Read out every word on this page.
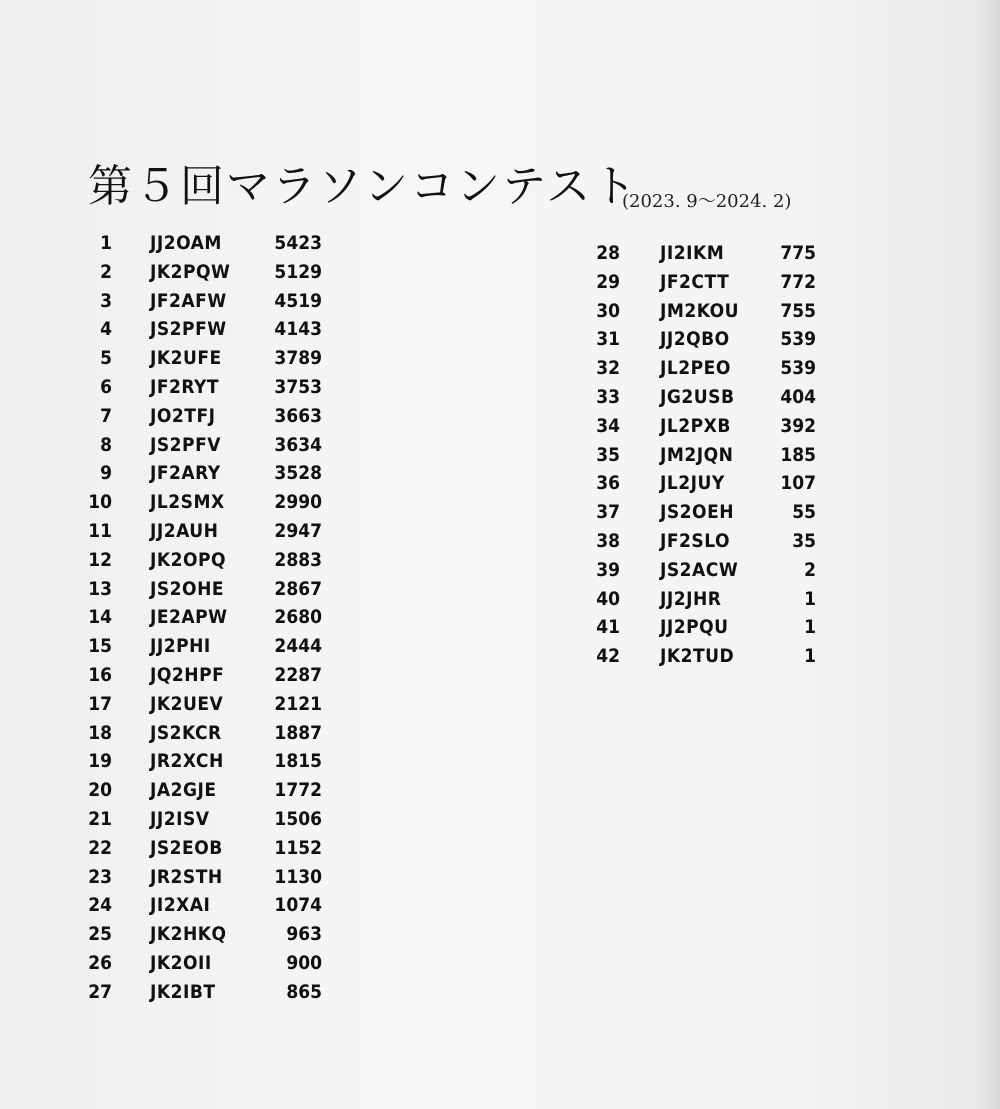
第５回マラソンコンテスト
(2023. 9～2024. 2)
1 JJ2OAM	5423
2 JK2PQW	5129
3 JF2AFW	4519
4 JS2PFW	4143
5 JK2UFE	3789
6 JF2RYT	3753
7 JO2TFJ	3663
8 JS2PFV	3634
9 JF2ARY	3528
10 JL2SMX	2990
11 JJ2AUH	2947
12 JK2OPQ	2883
13 JS2OHE	2867
14 JE2APW	2680
15 JJ2PHI	2444
16 JQ2HPF	2287
17 JK2UEV	2121
18 JS2KCR	1887
19 JR2XCH	1815
20 JA2GJE	1772
21 JJ2ISV	1506
22 JS2EOB	1152
23 JR2STH	1130
24 JI2XAI	1074
25 JK2HKQ	963
26 JK2OII	900
27 JK2IBT	865
28 JI2IKM	775
29 JF2CTT	772
30 JM2KOU	755
31 JJ2QBO	539
32 JL2PEO	539
33 JG2USB	404
34 JL2PXB	392
35 JM2JQN	185
36 JL2JUY	107
37 JS2OEH	55
38 JF2SLO	35
39 JS2ACW	2
40 JJ2JHR	1
41 JJ2PQU	1
42 JK2TUD	1
